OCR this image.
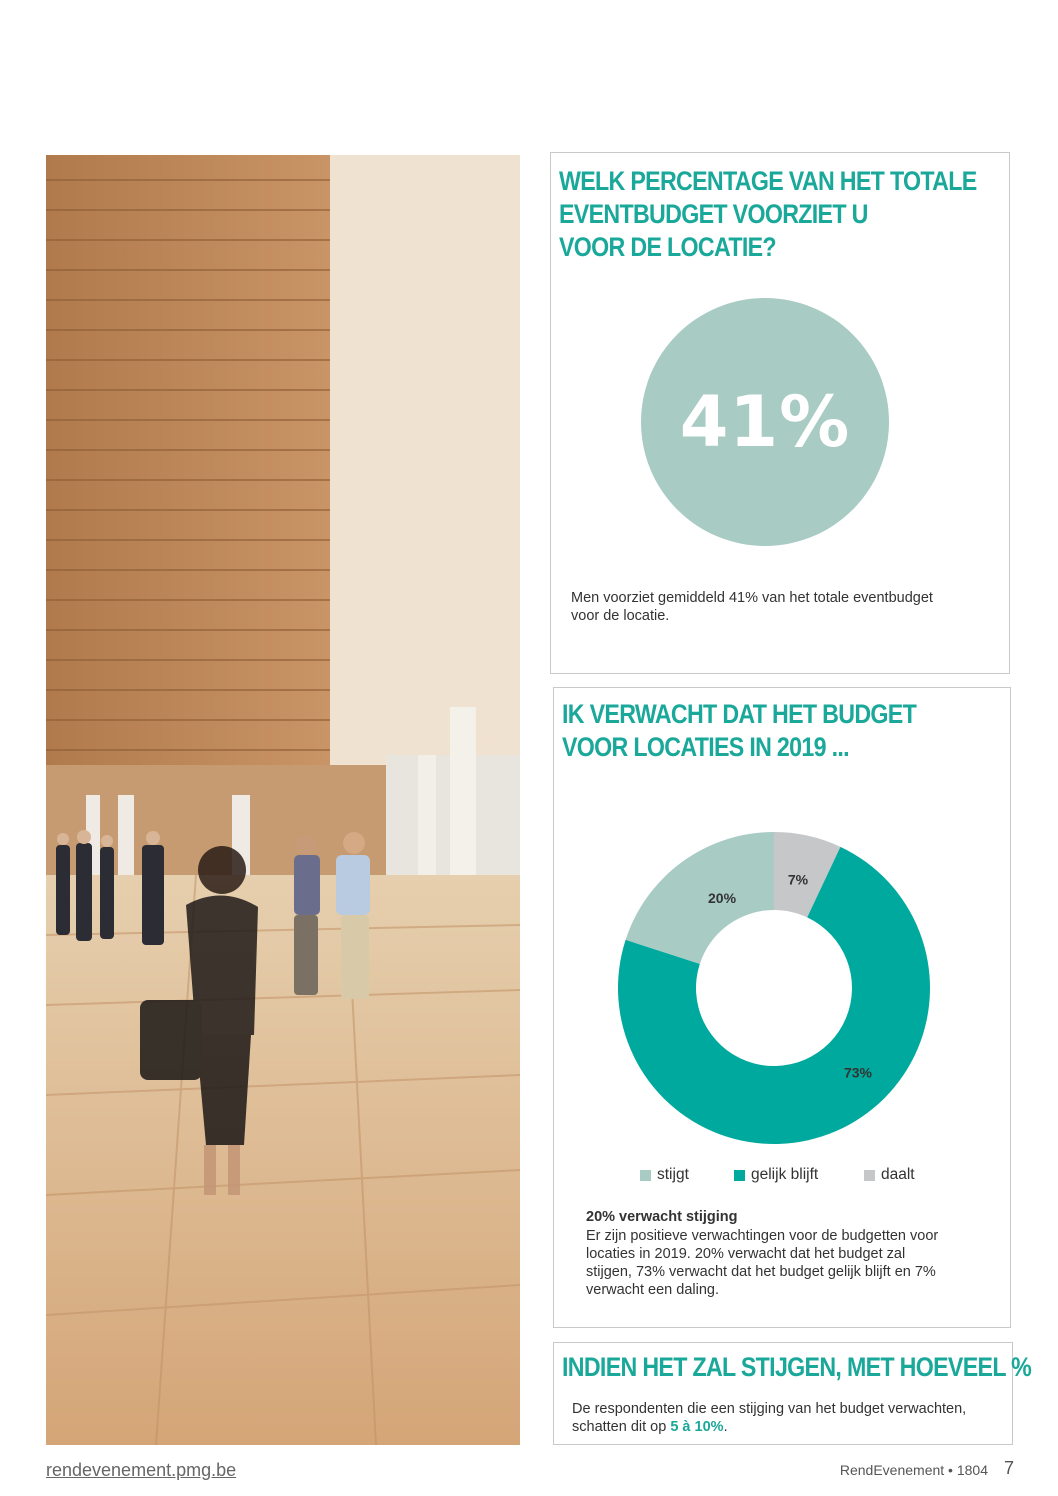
WELK PERCENTAGE VAN HET TOTALE
EVENTBUDGET VOORZIET U
VOOR DE LOCATIE?
41%
Men voorziet gemiddeld 41% van het totale eventbudget
voor de locatie.
IK VERWACHT DAT HET BUDGET
VOOR LOCATIES IN 2019 ...
20%
73%
7%
stijgt	gelijk blijft	daalt
20% verwacht stijging
Er zijn positieve verwachtingen voor de budgetten voor
locaties in 2019. 20% verwacht dat het budget zal
stijgen, 73% verwacht dat het budget gelijk blijft en 7%
verwacht een daling.
INDIEN HET ZAL STIJGEN, MET HOEVEEL %
De respondenten die een stijging van het budget verwachten,
schatten dit op 5 à 10%.
rendevenement.pmg.be	RendEvenement • 1804 7
